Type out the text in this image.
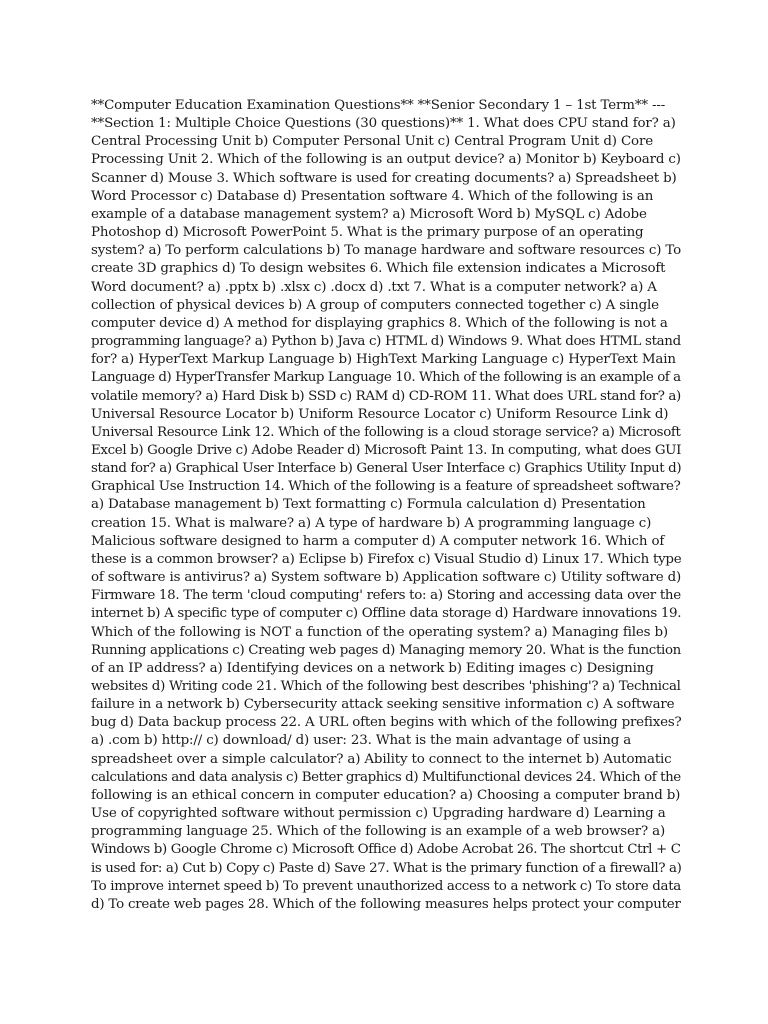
**Computer Education Examination Questions** **Senior Secondary 1 – 1st Term** ---
**Section 1: Multiple Choice Questions (30 questions)** 1. What does CPU stand for? a)
Central Processing Unit b) Computer Personal Unit c) Central Program Unit d) Core
Processing Unit 2. Which of the following is an output device? a) Monitor b) Keyboard c)
Scanner d) Mouse 3. Which software is used for creating documents? a) Spreadsheet b)
Word Processor c) Database d) Presentation software 4. Which of the following is an
example of a database management system? a) Microsoft Word b) MySQL c) Adobe
Photoshop d) Microsoft PowerPoint 5. What is the primary purpose of an operating
system? a) To perform calculations b) To manage hardware and software resources c) To
create 3D graphics d) To design websites 6. Which file extension indicates a Microsoft
Word document? a) .pptx b) .xlsx c) .docx d) .txt 7. What is a computer network? a) A
collection of physical devices b) A group of computers connected together c) A single
computer device d) A method for displaying graphics 8. Which of the following is not a
programming language? a) Python b) Java c) HTML d) Windows 9. What does HTML stand
for? a) HyperText Markup Language b) HighText Marking Language c) HyperText Main
Language d) HyperTransfer Markup Language 10. Which of the following is an example of a
volatile memory? a) Hard Disk b) SSD c) RAM d) CD-ROM 11. What does URL stand for? a)
Universal Resource Locator b) Uniform Resource Locator c) Uniform Resource Link d)
Universal Resource Link 12. Which of the following is a cloud storage service? a) Microsoft
Excel b) Google Drive c) Adobe Reader d) Microsoft Paint 13. In computing, what does GUI
stand for? a) Graphical User Interface b) General User Interface c) Graphics Utility Input d)
Graphical Use Instruction 14. Which of the following is a feature of spreadsheet software?
a) Database management b) Text formatting c) Formula calculation d) Presentation
creation 15. What is malware? a) A type of hardware b) A programming language c)
Malicious software designed to harm a computer d) A computer network 16. Which of
these is a common browser? a) Eclipse b) Firefox c) Visual Studio d) Linux 17. Which type
of software is antivirus? a) System software b) Application software c) Utility software d)
Firmware 18. The term 'cloud computing' refers to: a) Storing and accessing data over the
internet b) A specific type of computer c) Offline data storage d) Hardware innovations 19.
Which of the following is NOT a function of the operating system? a) Managing files b)
Running applications c) Creating web pages d) Managing memory 20. What is the function
of an IP address? a) Identifying devices on a network b) Editing images c) Designing
websites d) Writing code 21. Which of the following best describes 'phishing'? a) Technical
failure in a network b) Cybersecurity attack seeking sensitive information c) A software
bug d) Data backup process 22. A URL often begins with which of the following prefixes?
a) .com b) http:// c) download/ d) user: 23. What is the main advantage of using a
spreadsheet over a simple calculator? a) Ability to connect to the internet b) Automatic
calculations and data analysis c) Better graphics d) Multifunctional devices 24. Which of the
following is an ethical concern in computer education? a) Choosing a computer brand b)
Use of copyrighted software without permission c) Upgrading hardware d) Learning a
programming language 25. Which of the following is an example of a web browser? a)
Windows b) Google Chrome c) Microsoft Office d) Adobe Acrobat 26. The shortcut Ctrl + C
is used for: a) Cut b) Copy c) Paste d) Save 27. What is the primary function of a firewall? a)
To improve internet speed b) To prevent unauthorized access to a network c) To store data
d) To create web pages 28. Which of the following measures helps protect your computer
